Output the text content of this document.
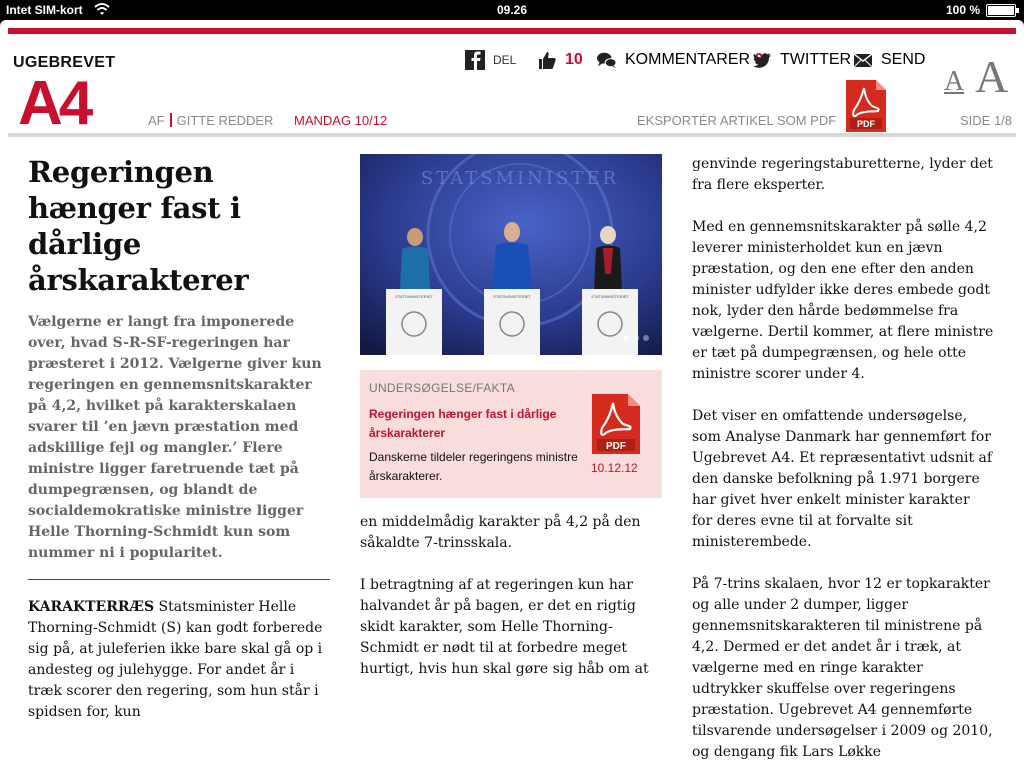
Intet SIM-kort	09.26	100 %
UGEBREVET
A4	AF GITTE REDDER MANDAG 10/12
DEL	10	KOMMENTARER	TWITTER SEND
A A
EKSPORTÉR ARTIKEL SOM PDF PDF	SIDE 1/8
Regeringen hænger fast i dårlige årskarakterer

Vælgerne er langt fra imponerede over, hvad S-R-SF-regeringen har præsteret i 2012. Vælgerne giver kun regeringen en gennemsnitskarakter på 4,2, hvilket på karakterskalaen svarer til ’en jævn præstation med adskillige fejl og mangler.’ Flere ministre ligger faretruende tæt på dumpegrænsen, og blandt de socialdemokratiske ministre ligger Helle Thorning-Schmidt kun som nummer ni i popularitet.

KARAKTERRÆS Statsminister Helle Thorning-Schmidt (S) kan godt forberede sig på, at juleferien ikke bare skal gå op i andesteg og julehygge. For andet år i træk scorer den regering, som hun står i spidsen for, kun

STATSMINISTER
STATSMINISTERIET	STATSMINISTERIET	STATSMINISTERIET
UNDERSØGELSE/FAKTA
Regeringen hænger fast i dårlige årskarakterer
Danskerne tildeler regeringens ministre årskarakterer.
PDF
10.12.12

en middelmådig karakter på 4,2 på den såkaldte 7-trinsskala.

I betragtning af at regeringen kun har halvandet år på bagen, er det en rigtig skidt karakter, som Helle Thorning-Schmidt er nødt til at forbedre meget hurtigt, hvis hun skal gøre sig håb om at

genvinde regeringstaburetterne, lyder det fra flere eksperter.

Med en gennemsnitskarakter på sølle 4,2 leverer ministerholdet kun en jævn præstation, og den ene efter den anden minister udfylder ikke deres embede godt nok, lyder den hårde bedømmelse fra vælgerne. Dertil kommer, at flere ministre er tæt på dumpegrænsen, og hele otte ministre scorer under 4.

Det viser en omfattende undersøgelse, som Analyse Danmark har gennemført for Ugebrevet A4. Et repræsentativt udsnit af den danske befolkning på 1.971 borgere har givet hver enkelt minister karakter for deres evne til at forvalte sit ministerembede.

På 7-trins skalaen, hvor 12 er topkarakter og alle under 2 dumper, ligger gennemsnitskarakteren til ministrene på 4,2. Dermed er det andet år i træk, at vælgerne med en ringe karakter udtrykker skuffelse over regeringens præstation. Ugebrevet A4 gennemførte tilsvarende undersøgelser i 2009 og 2010, og dengang fik Lars Løkke
